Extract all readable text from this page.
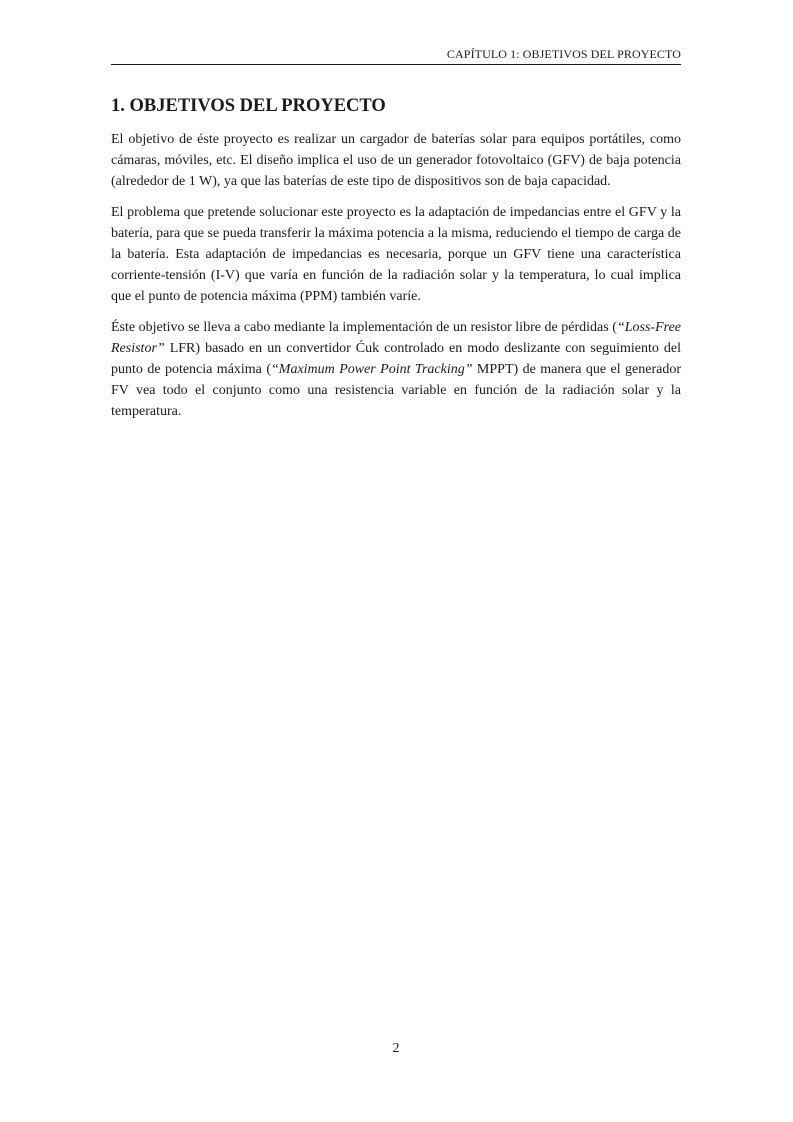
CAPÍTULO 1: OBJETIVOS DEL PROYECTO
1. OBJETIVOS DEL PROYECTO

El objetivo de éste proyecto es realizar un cargador de baterías solar para equipos portátiles, como cámaras, móviles, etc. El diseño implica el uso de un generador fotovoltaico (GFV) de baja potencia (alrededor de 1 W), ya que las baterías de este tipo de dispositivos son de baja capacidad.

El problema que pretende solucionar este proyecto es la adaptación de impedancias entre el GFV y la batería, para que se pueda transferir la máxima potencia a la misma, reduciendo el tiempo de carga de la batería. Esta adaptación de impedancias es necesaria, porque un GFV tiene una característica corriente-tensión (I-V) que varía en función de la radiación solar y la temperatura, lo cual implica que el punto de potencia máxima (PPM) también varíe.

Éste objetivo se lleva a cabo mediante la implementación de un resistor libre de pérdidas (“Loss-Free Resistor” LFR) basado en un convertidor Ćuk controlado en modo deslizante con seguimiento del punto de potencia máxima (“Maximum Power Point Tracking” MPPT) de manera que el generador FV vea todo el conjunto como una resistencia variable en función de la radiación solar y la temperatura.

2
